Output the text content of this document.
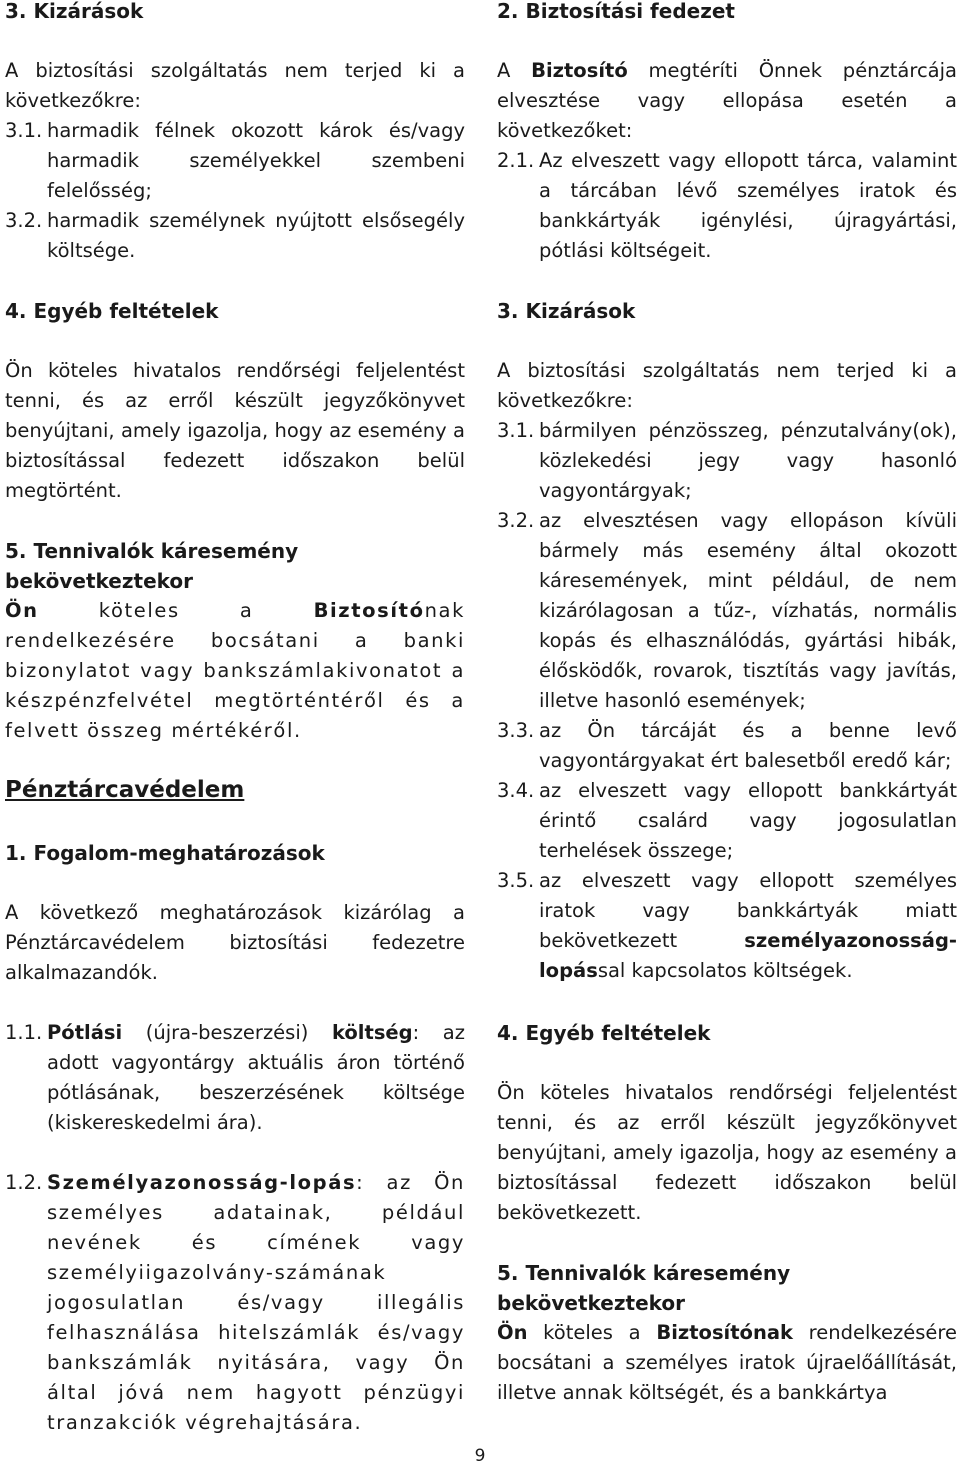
3. Kizárások
A biztosítási szolgáltatás nem terjed ki a következőkre:
3.1. harmadik félnek okozott károk és/vagy harmadik személyekkel szembeni felelősség;
3.2. harmadik személynek nyújtott elsősegély költsége.
4. Egyéb feltételek
Ön köteles hivatalos rendőrségi feljelentést tenni, és az erről készült jegyzőkönyvet benyújtani, amely igazolja, hogy az esemény a biztosítással fedezett időszakon belül megtörtént.
5. Tennivalók káresemény bekövetkeztekor
Ön köteles a Biztosítónak rendelkezésére bocsátani a banki bizonylatot vagy bankszámlakivonatot a készpénzfelvétel megtörténtéről és a felvett összeg mértékéről.
Pénztárcavédelem
1. Fogalom-meghatározások
A következő meghatározások kizárólag a Pénztárcavédelem biztosítási fedezetre alkalmazandók.
1.1. Pótlási (újra-beszerzési) költség: az adott vagyontárgy aktuális áron történő pótlásának, beszerzésének költsége (kiskereskedelmi ára).
1.2. Személyazonosság-lopás: az Ön személyes adatainak, például nevének és címének vagy személyiigazolvány-számának jogosulatlan és/vagy illegális felhasználása hitelszámlák és/vagy bankszámlák nyitására, vagy Ön által jóvá nem hagyott pénzügyi tranzakciók végrehajtására.
2. Biztosítási fedezet
A Biztosító megtéríti Önnek pénztárcája elvesztése vagy ellopása esetén a következőket:
2.1. Az elveszett vagy ellopott tárca, valamint a tárcában lévő személyes iratok és bankkártyák igénylési, újragyártási, pótlási költségeit.
3. Kizárások
A biztosítási szolgáltatás nem terjed ki a következőkre:
3.1. bármilyen pénzösszeg, pénzutalvány(ok), közlekedési jegy vagy hasonló vagyontárgyak;
3.2. az elvesztésen vagy ellopáson kívüli bármely más esemény által okozott káresemények, mint például, de nem kizárólagosan a tűz-, vízhatás, normális kopás és elhasználódás, gyártási hibák, élősködők, rovarok, tisztítás vagy javítás, illetve hasonló események;
3.3. az Ön tárcáját és a benne levő vagyontárgyakat ért balesetből eredő kár;
3.4. az elveszett vagy ellopott bankkártyát érintő csalárd vagy jogosulatlan terhelések összege;
3.5. az elveszett vagy ellopott személyes iratok vagy bankkártyák miatt bekövetkezett személyazonosság-lopással kapcsolatos költségek.
4. Egyéb feltételek
Ön köteles hivatalos rendőrségi feljelentést tenni, és az erről készült jegyzőkönyvet benyújtani, amely igazolja, hogy az esemény a biztosítással fedezett időszakon belül bekövetkezett.
5. Tennivalók káresemény bekövetkeztekor
Ön köteles a Biztosítónak rendelkezésére bocsátani a személyes iratok újraelőállítását, illetve annak költségét, és a bankkártya
9
